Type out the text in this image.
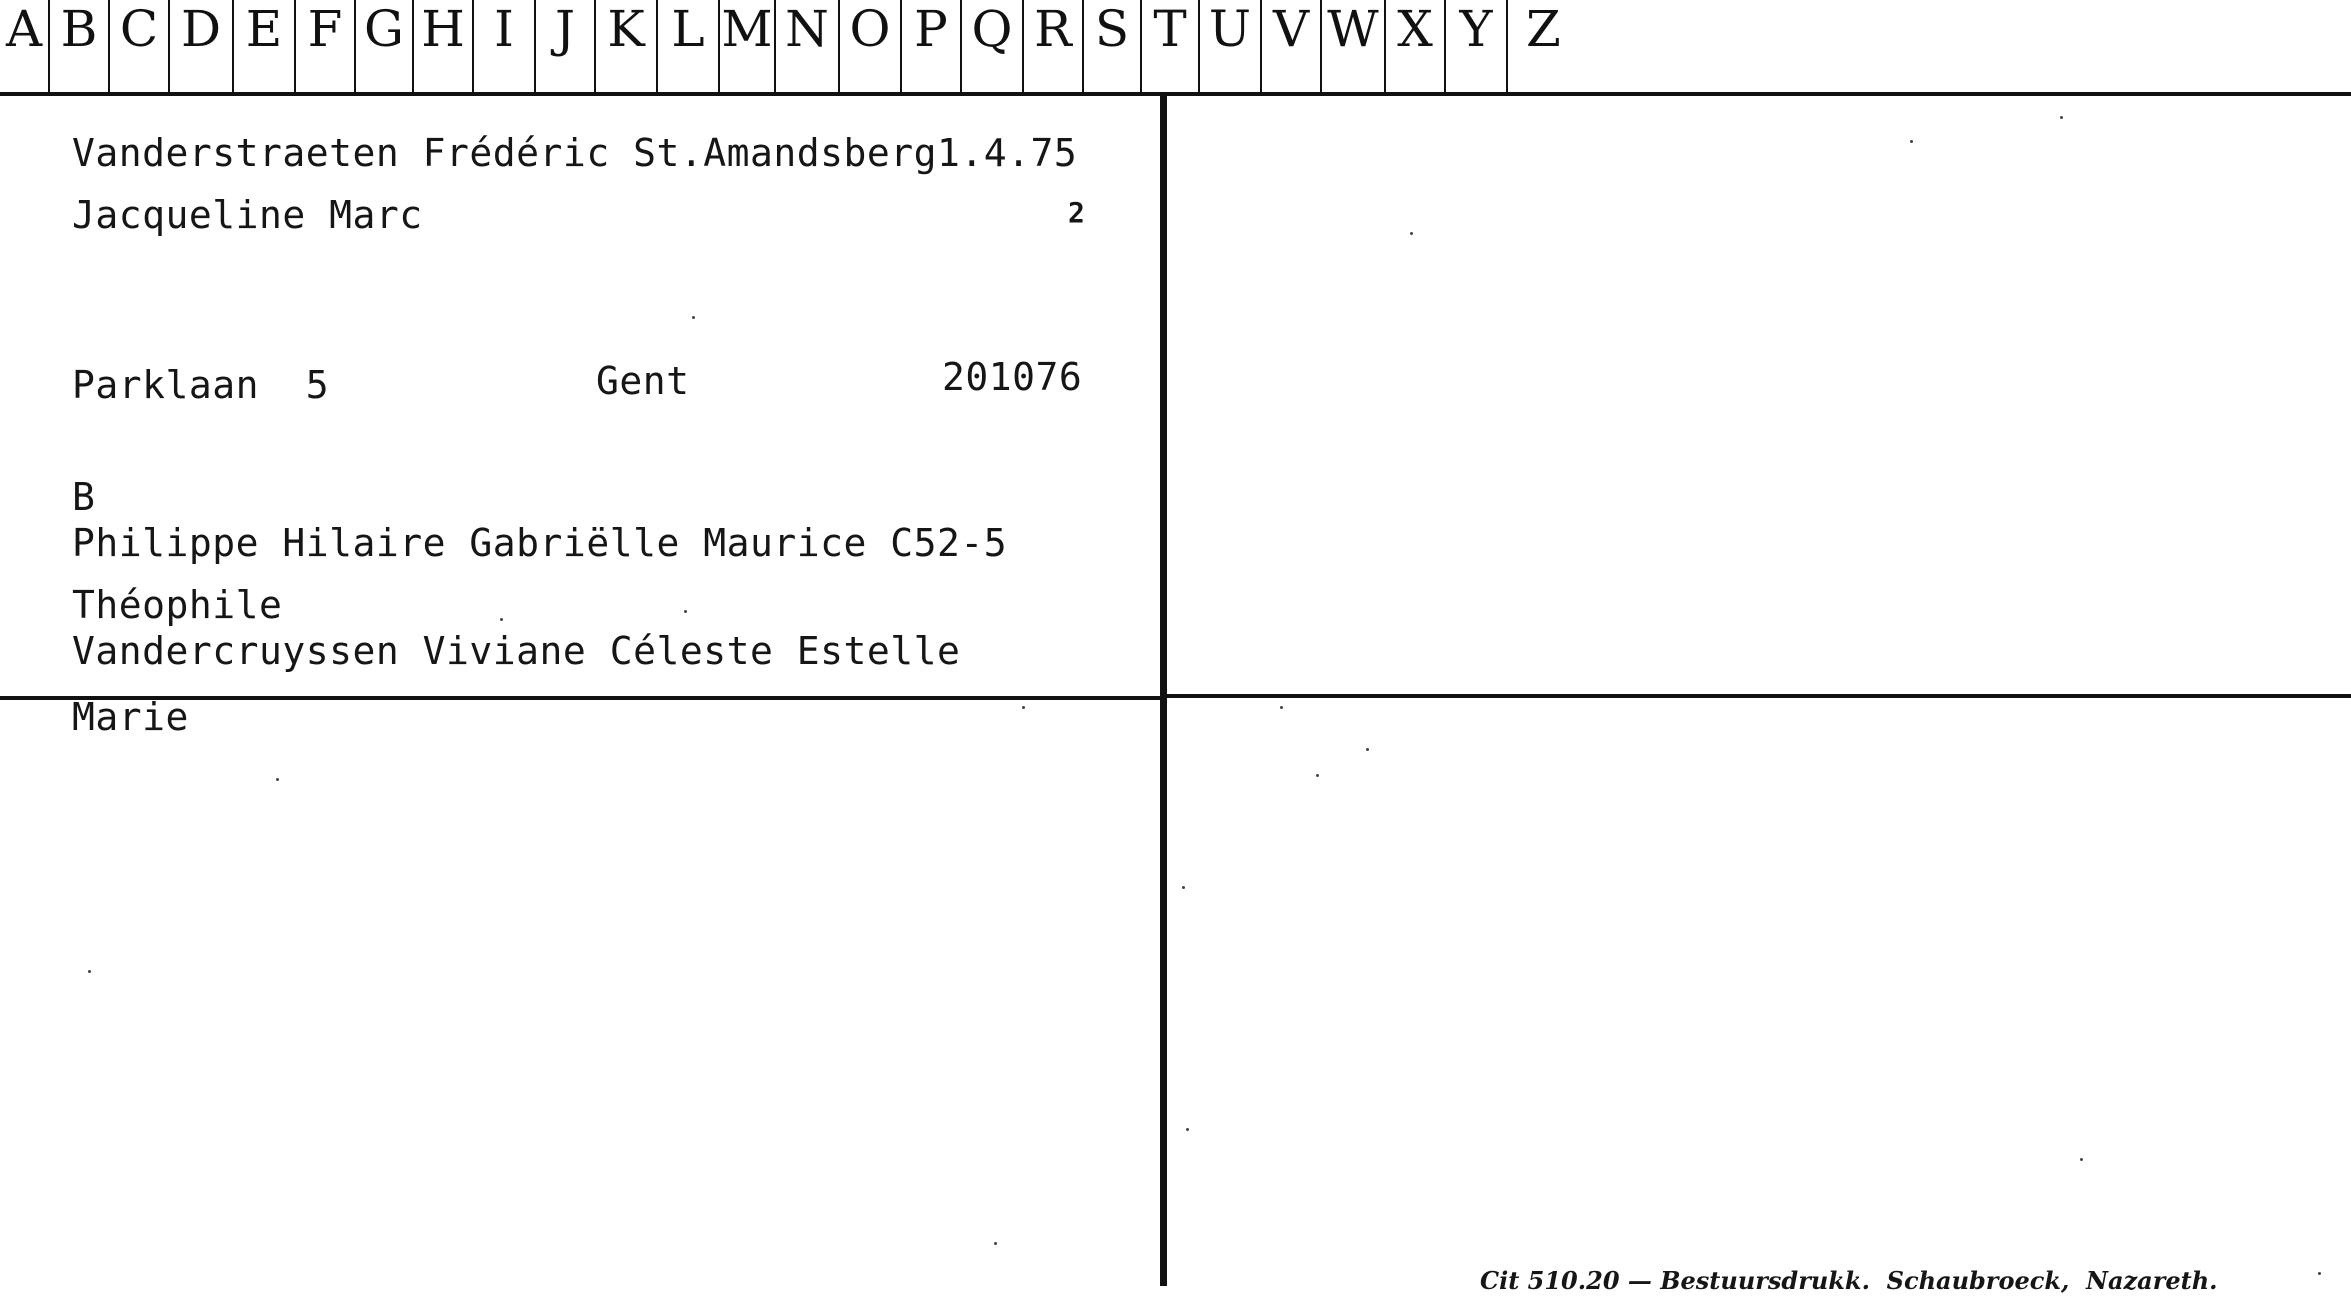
A B C D E F G H I J K L M N O P Q R S T U V W X Y Z
Vanderstraeten Frédéric St.Amandsberg1.4.75
Jacqueline Marc	2
Parklaan  5	Gent	201076
B
Philippe Hilaire Gabriëlle Maurice C52-5
Théophile
Vandercruyssen Viviane Céleste Estelle
Marie
Cit 510.20 — Bestuursdrukk.  Schaubroeck,  Nazareth.
